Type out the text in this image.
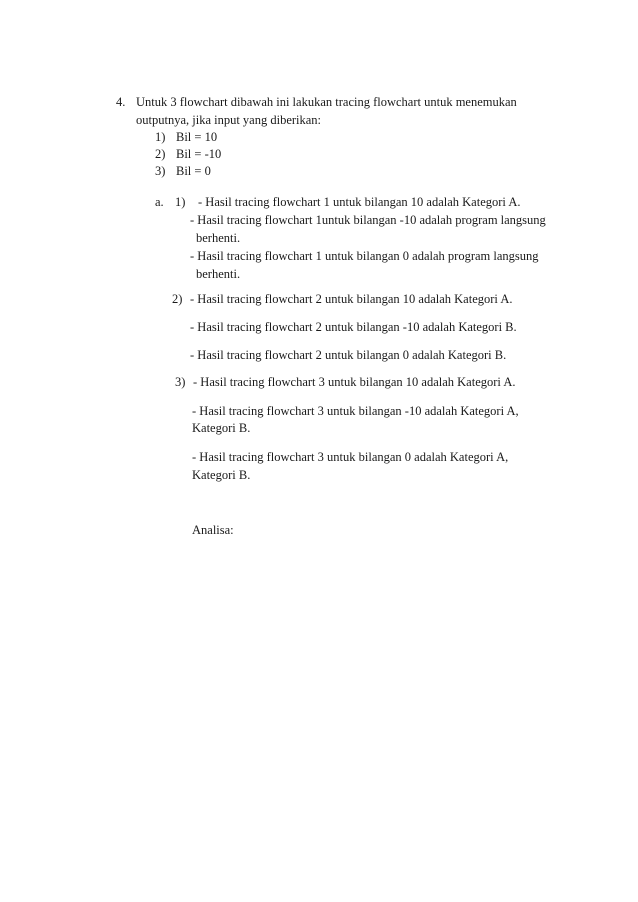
4. Untuk 3 flowchart dibawah ini lakukan tracing flowchart untuk menemukan
outputnya, jika input yang diberikan:
1) Bil = 10
2) Bil = -10
3) Bil = 0
a. 1) - Hasil tracing flowchart 1 untuk bilangan 10 adalah Kategori A.
- Hasil tracing flowchart 1untuk bilangan -10 adalah program langsung
berhenti.
- Hasil tracing flowchart 1 untuk bilangan 0 adalah program langsung
berhenti.
2) - Hasil tracing flowchart 2 untuk bilangan 10 adalah Kategori A.
- Hasil tracing flowchart 2 untuk bilangan -10 adalah Kategori B.
- Hasil tracing flowchart 2 untuk bilangan 0 adalah Kategori B.
3) - Hasil tracing flowchart 3 untuk bilangan 10 adalah Kategori A.
- Hasil tracing flowchart 3 untuk bilangan -10 adalah Kategori A,
Kategori B.
- Hasil tracing flowchart 3 untuk bilangan 0 adalah Kategori A,
Kategori B.
Analisa:
